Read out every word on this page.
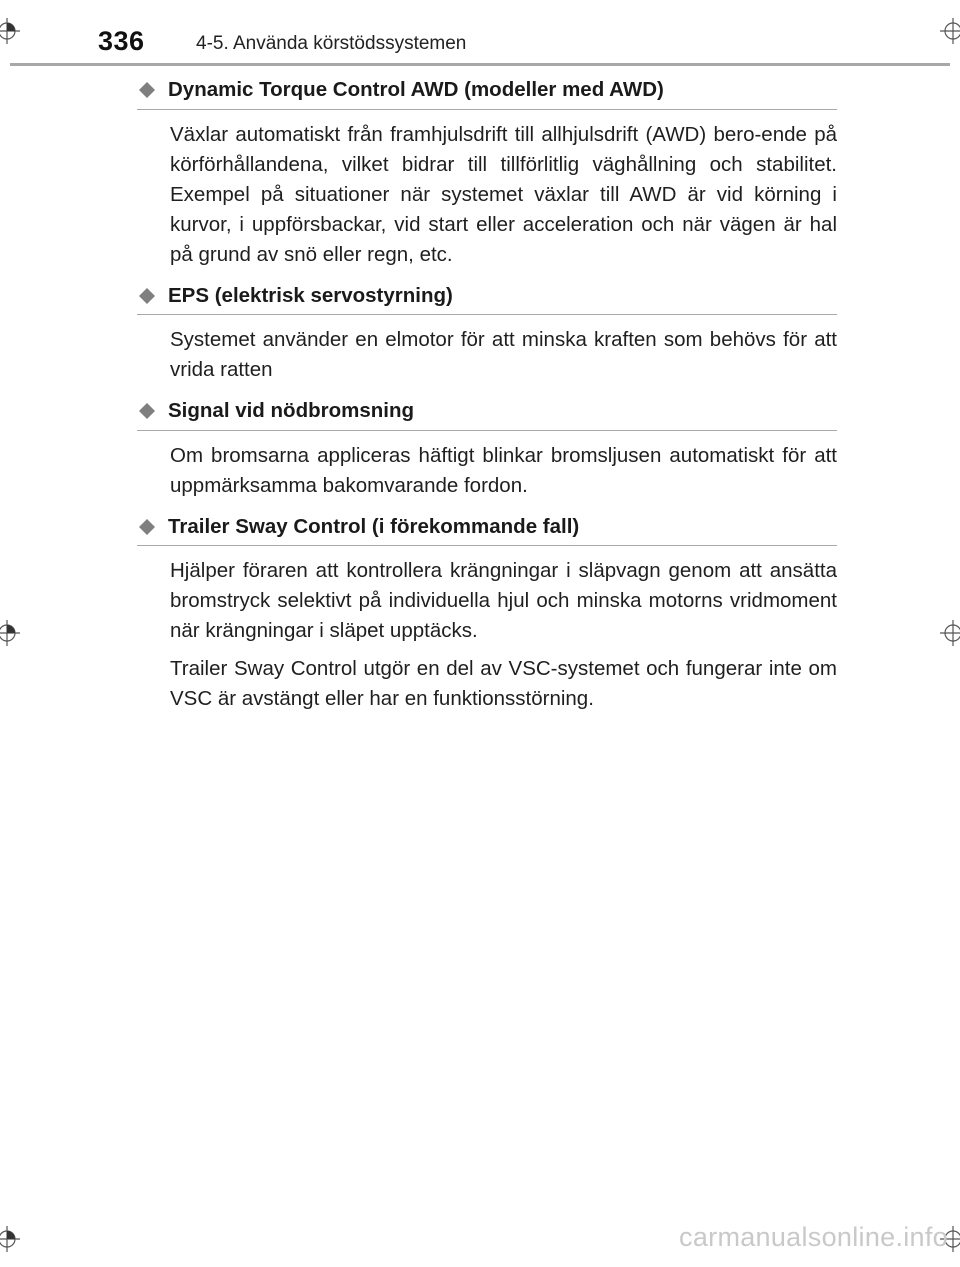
336	4-5. Använda körstödssystemen
Dynamic Torque Control AWD (modeller med AWD)

Växlar automatiskt från framhjulsdrift till allhjulsdrift (AWD) bero-ende på körförhållandena, vilket bidrar till tillförlitlig väghållning och stabilitet. Exempel på situationer när systemet växlar till AWD är vid körning i kurvor, i uppförsbackar, vid start eller acceleration och när vägen är hal på grund av snö eller regn, etc.

EPS (elektrisk servostyrning)

Systemet använder en elmotor för att minska kraften som behövs för att vrida ratten

Signal vid nödbromsning

Om bromsarna appliceras häftigt blinkar bromsljusen automatiskt för att uppmärksamma bakomvarande fordon.

Trailer Sway Control (i förekommande fall)

Hjälper föraren att kontrollera krängningar i släpvagn genom att ansätta bromstryck selektivt på individuella hjul och minska motorns vridmoment när krängningar i släpet upptäcks.

Trailer Sway Control utgör en del av VSC-systemet och fungerar inte om VSC är avstängt eller har en funktionsstörning.

carmanualsonline.info
